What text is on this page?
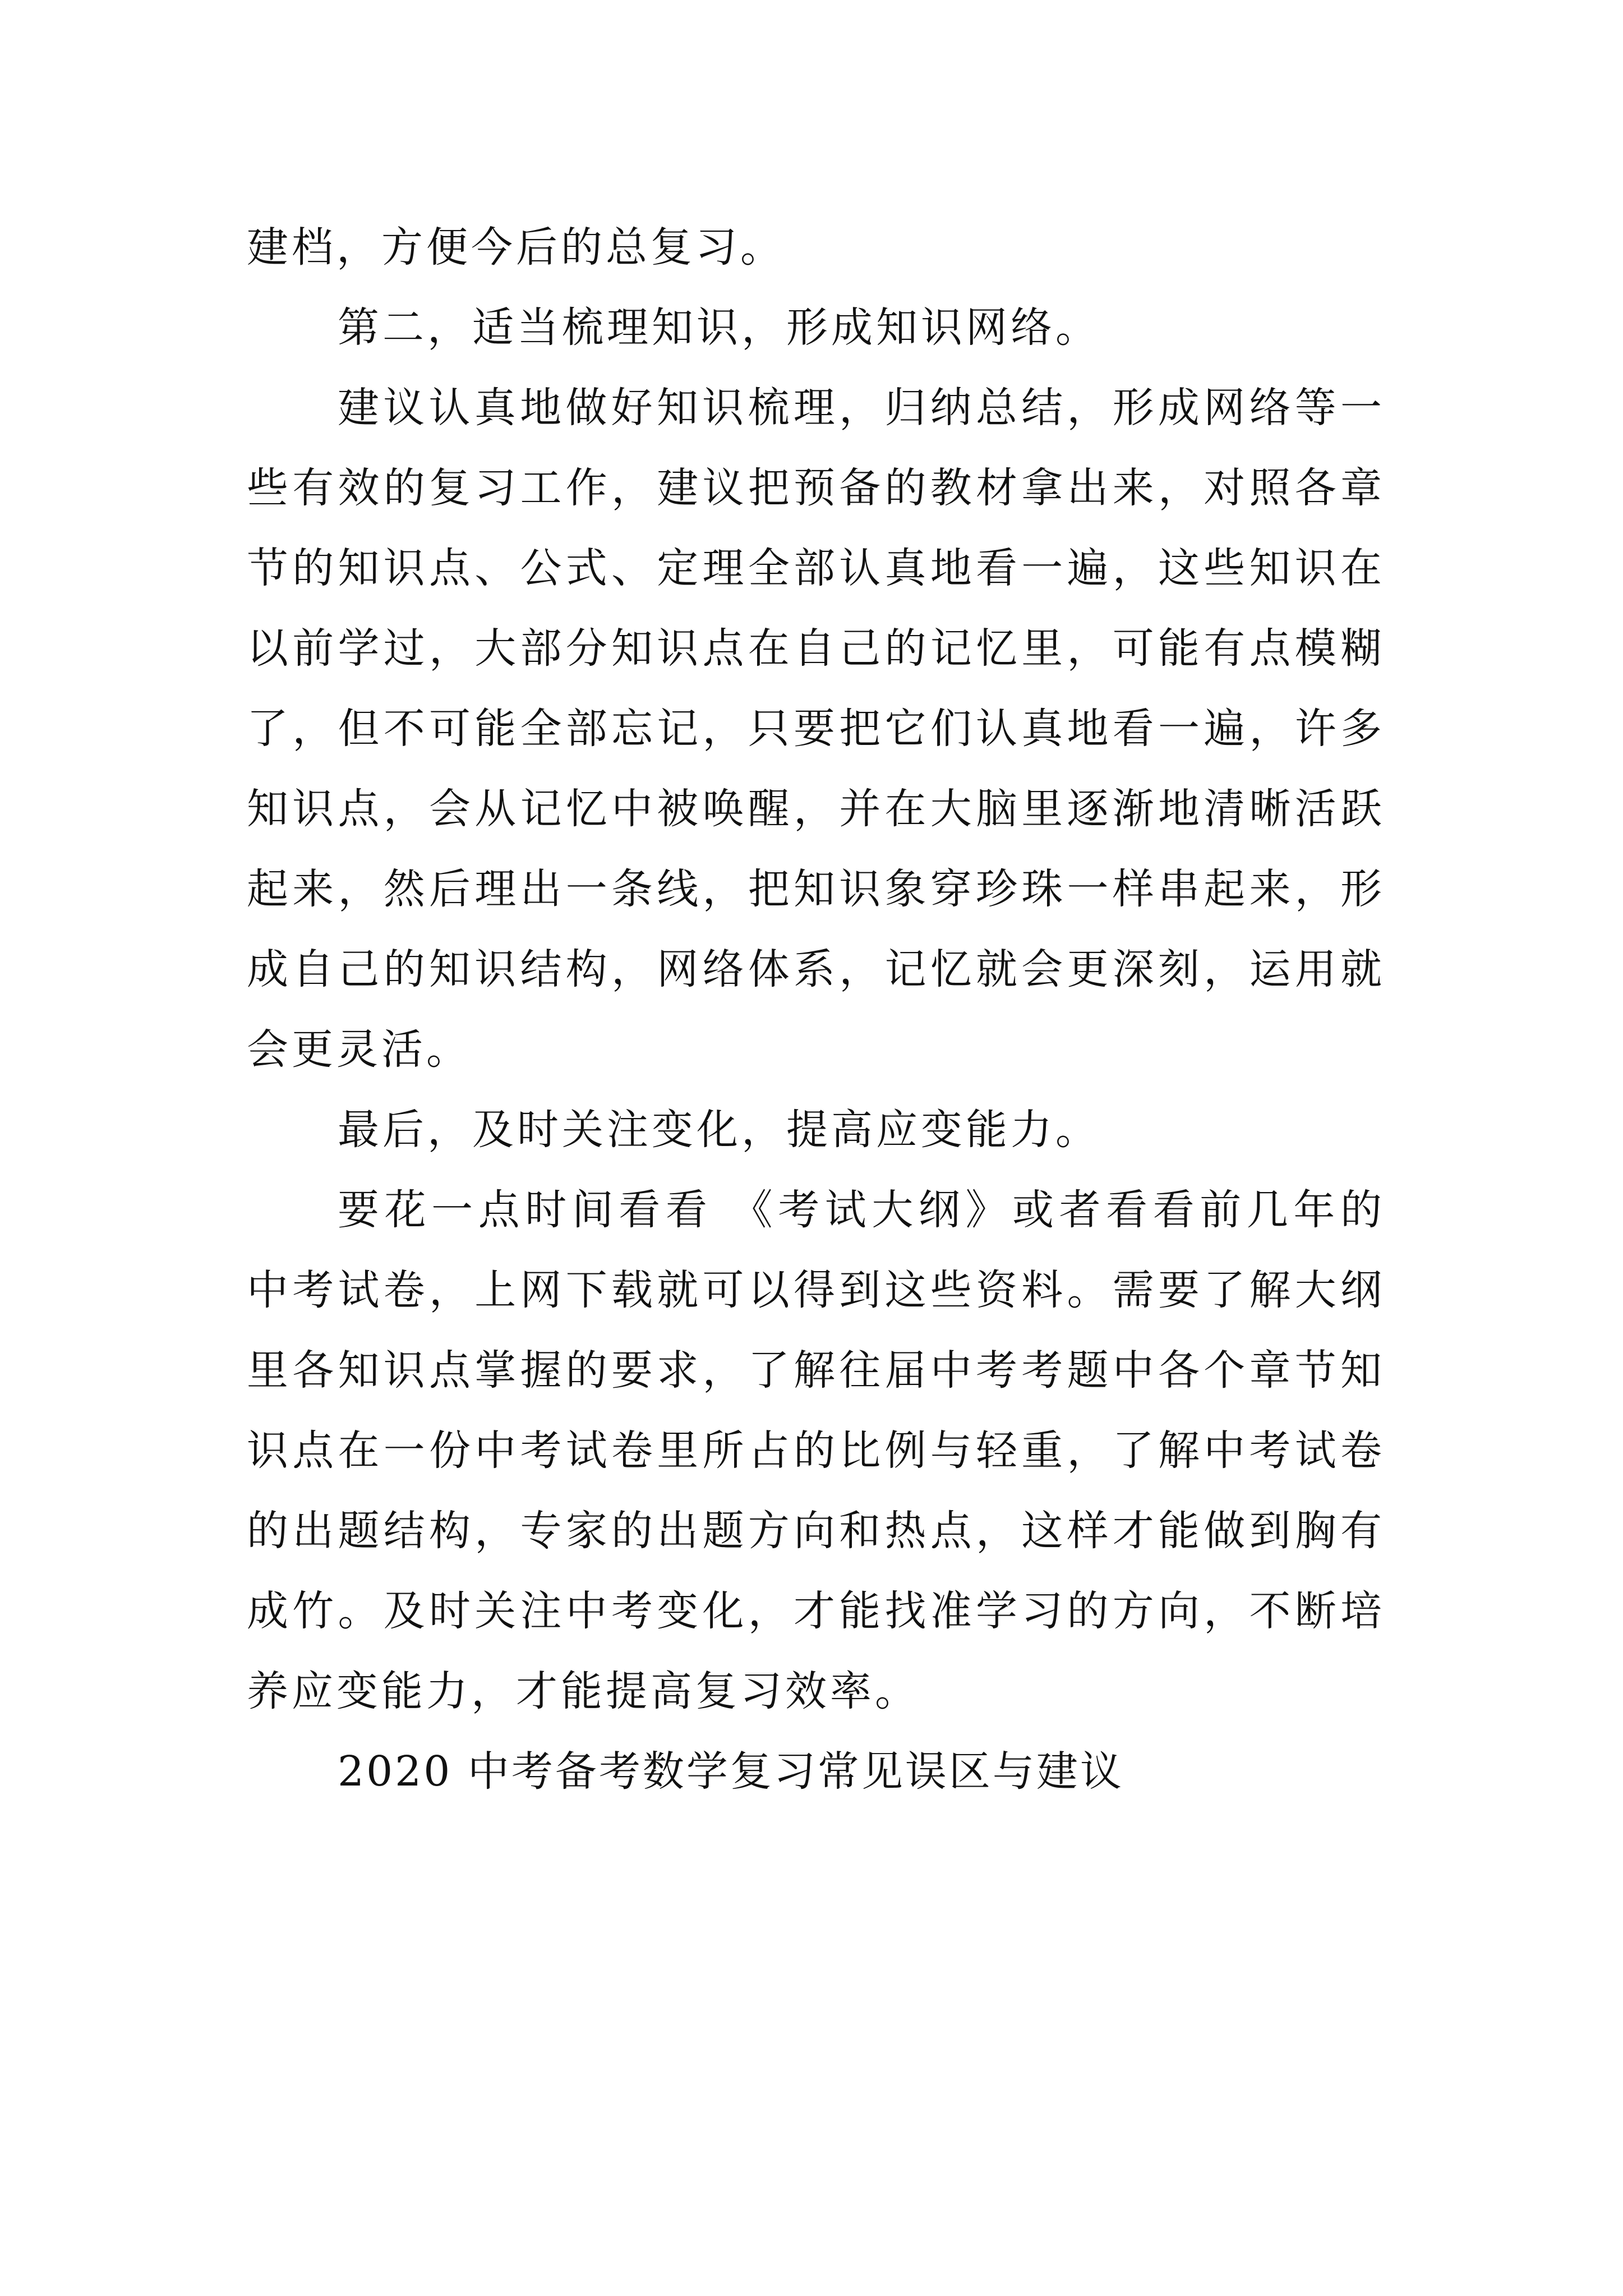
建档，方便今后的总复习。

第二，适当梳理知识，形成知识网络。

建议认真地做好知识梳理，归纳总结，形成网络等一些有效的复习工作，建议把预备的教材拿出来，对照各章节的知识点、公式、定理全部认真地看一遍，这些知识在以前学过，大部分知识点在自己的记忆里，可能有点模糊了，但不可能全部忘记，只要把它们认真地看一遍，许多知识点，会从记忆中被唤醒，并在大脑里逐渐地清晰活跃起来，然后理出一条线，把知识象穿珍珠一样串起来，形成自己的知识结构，网络体系，记忆就会更深刻，运用就会更灵活。

最后，及时关注变化，提高应变能力。

要花一点时间看看 《考试大纲》或者看看前几年的中考试卷，上网下载就可以得到这些资料。需要了解大纲里各知识点掌握的要求，了解往届中考考题中各个章节知识点在一份中考试卷里所占的比例与轻重，了解中考试卷的出题结构，专家的出题方向和热点，这样才能做到胸有成竹。及时关注中考变化，才能找准学习的方向，不断培养应变能力，才能提高复习效率。

2020 中考备考数学复习常见误区与建议
